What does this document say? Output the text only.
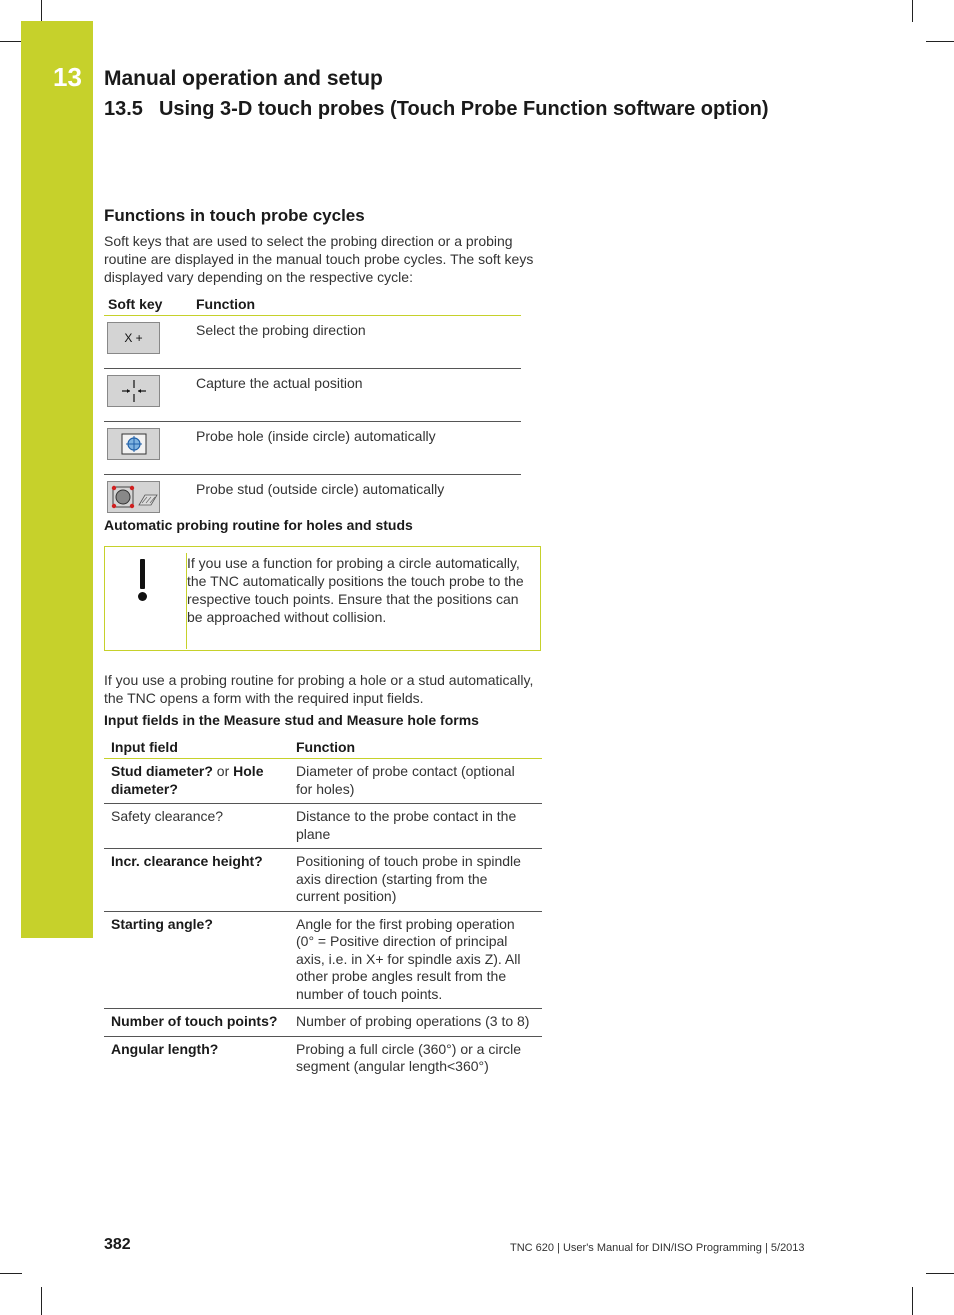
13 Manual operation and setup
13.5 Using 3-D touch probes (Touch Probe Function software option)
Functions in touch probe cycles
Soft keys that are used to select the probing direction or a probing routine are displayed in the manual touch probe cycles. The soft keys displayed vary depending on the respective cycle:
Soft key	Function

X +	Select the probing direction

	Capture the actual position

	Probe hole (inside circle) automatically

	Probe stud (outside circle) automatically
Automatic probing routine for holes and studs
If you use a function for probing a circle automatically, the TNC automatically positions the touch probe to the respective touch points. Ensure that the positions can be approached without collision.
If you use a probing routine for probing a hole or a stud automatically, the TNC opens a form with the required input fields.
Input fields in the Measure stud and Measure hole forms
Input field	Function
Stud diameter? or Hole diameter?	Diameter of probe contact (optional for holes)
Safety clearance?	Distance to the probe contact in the plane
Incr. clearance height?	Positioning of touch probe in spindle axis direction (starting from the current position)
Starting angle?	Angle for the first probing operation (0° = Positive direction of principal axis, i.e. in X+ for spindle axis Z). All other probe angles result from the number of touch points.
Number of touch points?	Number of probing operations (3 to 8)
Angular length?	Probing a full circle (360°) or a circle segment (angular length<360°)
382	TNC 620 | User's Manual for DIN/ISO Programming | 5/2013
